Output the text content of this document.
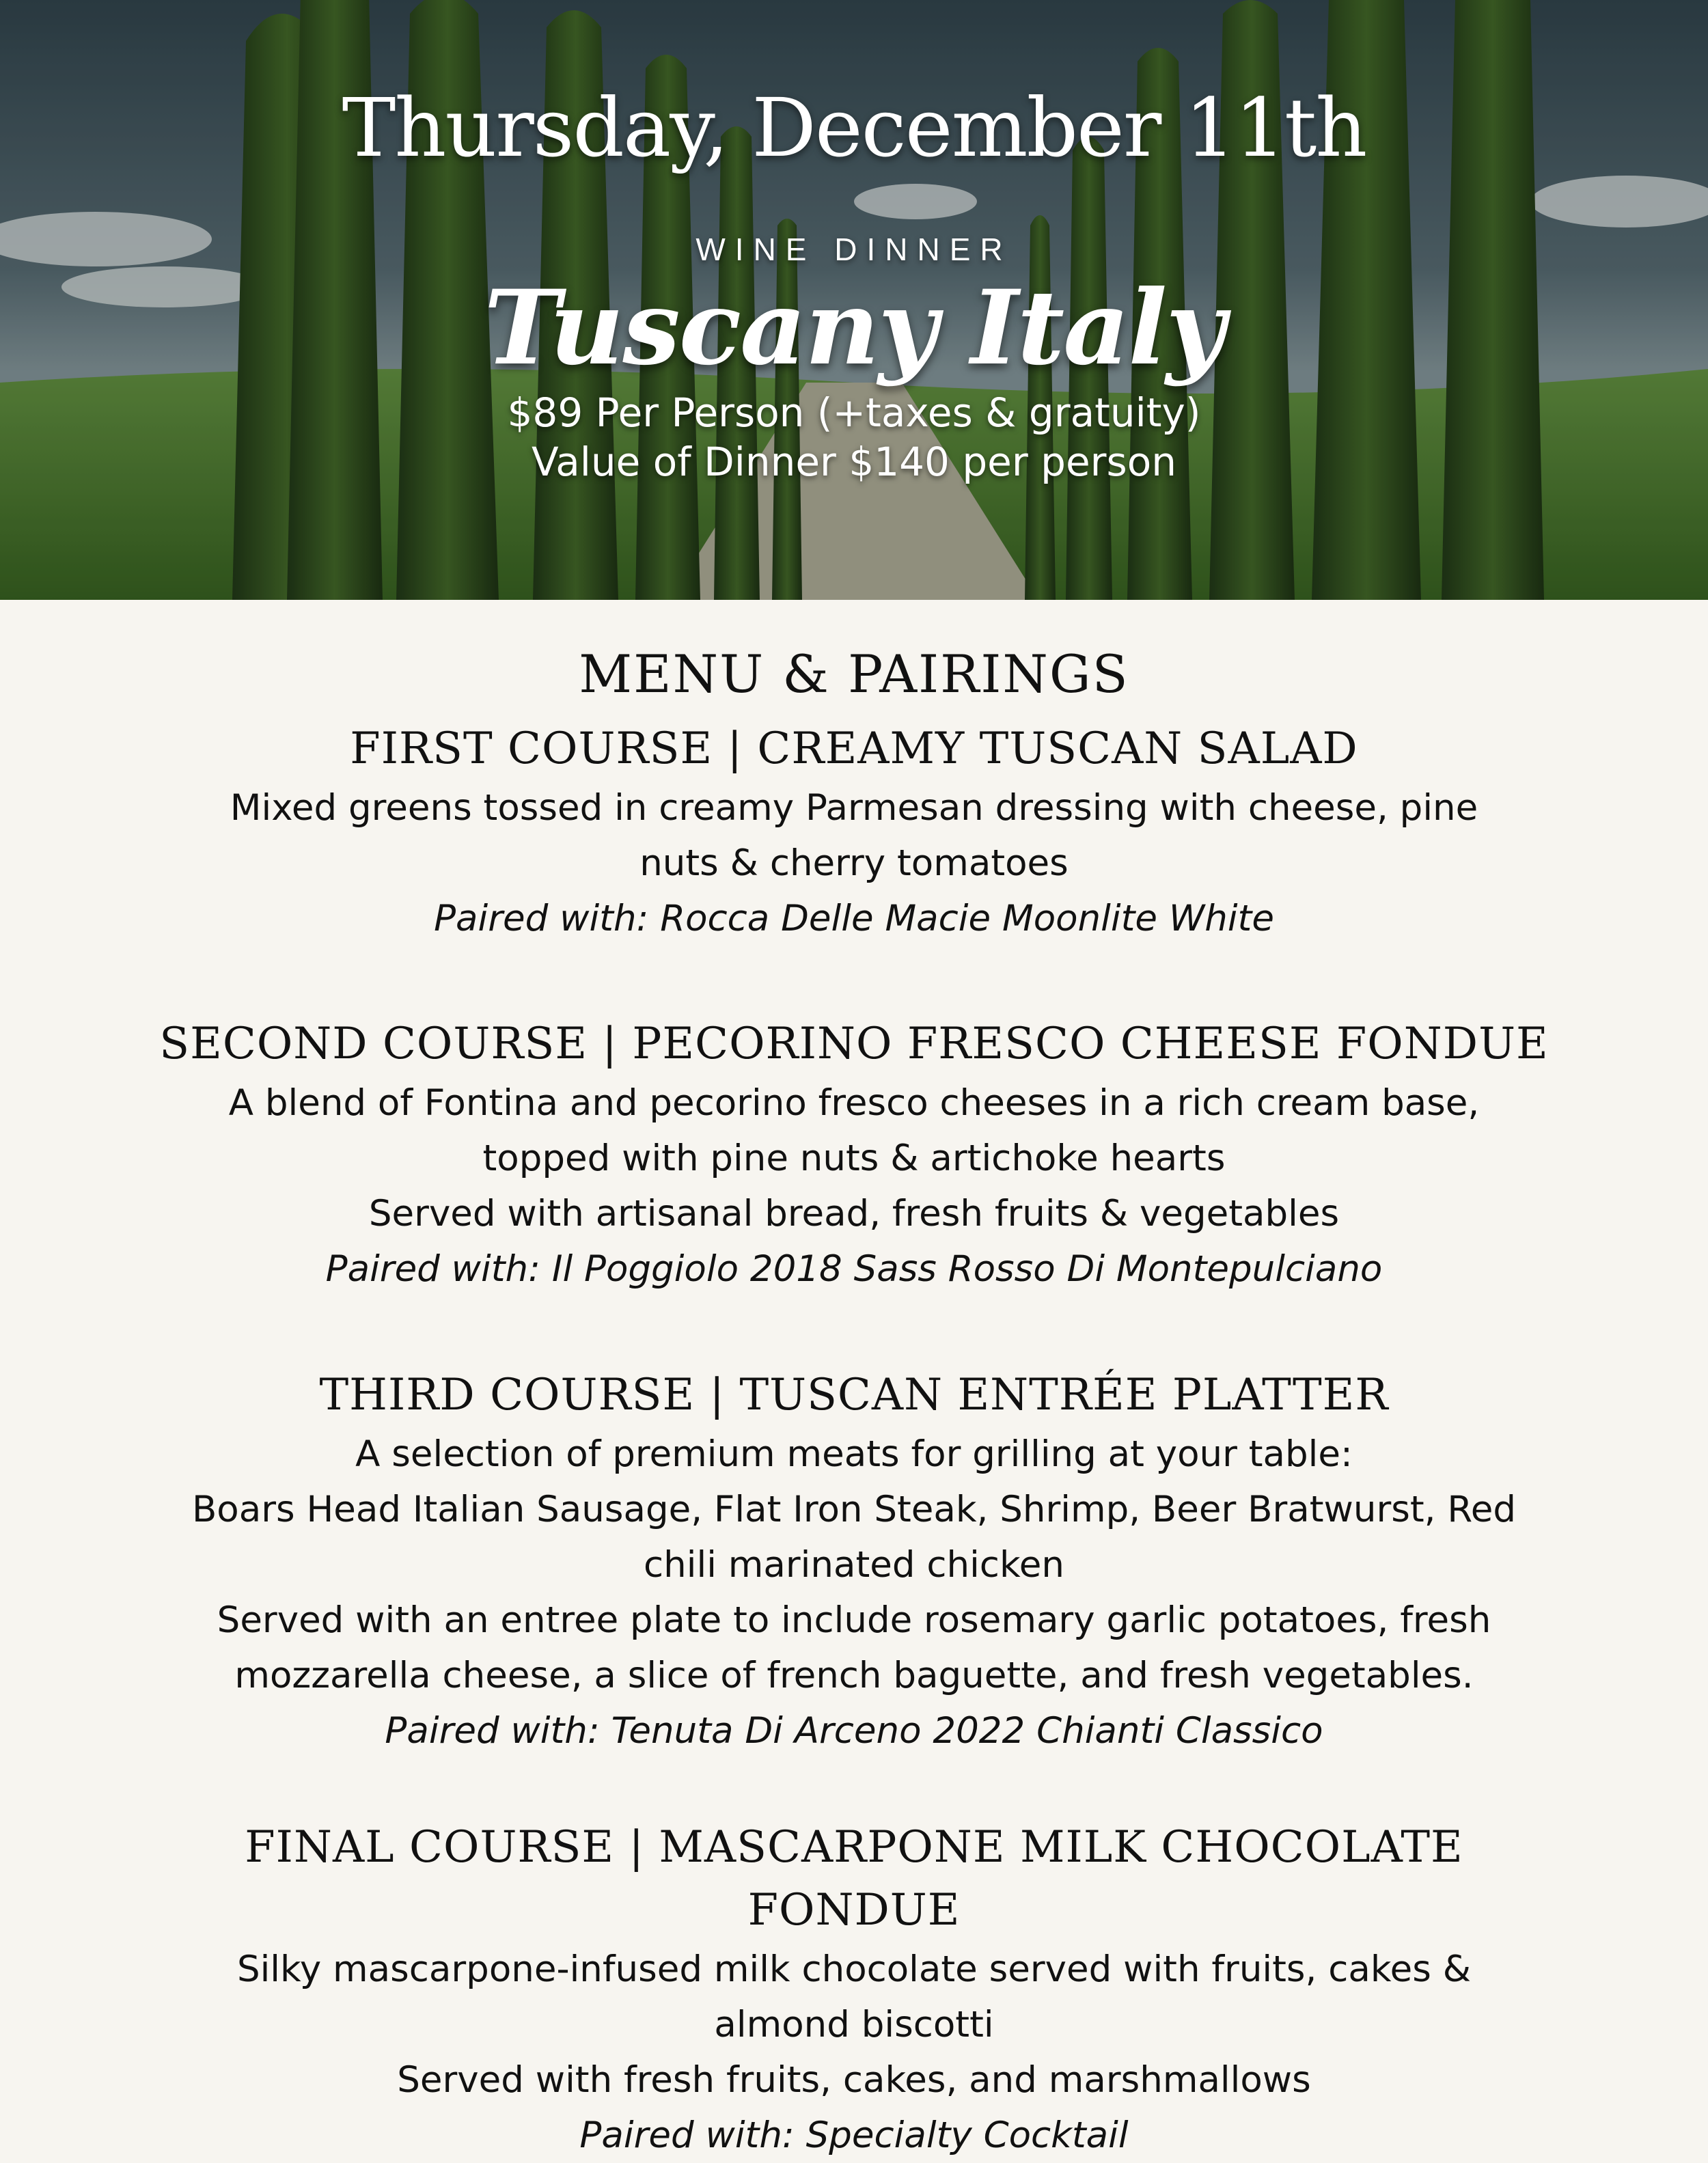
Thursday, December 11th
WINE DINNER
Tuscany Italy
$89 Per Person (+taxes & gratuity)
Value of Dinner $140 per person
MENU & PAIRINGS
FIRST COURSE | CREAMY TUSCAN SALAD

Mixed greens tossed in creamy Parmesan dressing with cheese, pine

nuts & cherry tomatoes

Paired with: Rocca Delle Macie Moonlite White

SECOND COURSE | PECORINO FRESCO CHEESE FONDUE

A blend of Fontina and pecorino fresco cheeses in a rich cream base,

topped with pine nuts & artichoke hearts

Served with artisanal bread, fresh fruits & vegetables

Paired with: Il Poggiolo 2018 Sass Rosso Di Montepulciano

THIRD COURSE | TUSCAN ENTRÉE PLATTER

A selection of premium meats for grilling at your table:

Boars Head Italian Sausage, Flat Iron Steak, Shrimp, Beer Bratwurst, Red

chili marinated chicken

Served with an entree plate to include rosemary garlic potatoes, fresh

mozzarella cheese, a slice of french baguette, and fresh vegetables.

Paired with: Tenuta Di Arceno 2022 Chianti Classico

FINAL COURSE | MASCARPONE MILK CHOCOLATE FONDUE

Silky mascarpone-infused milk chocolate served with fruits, cakes &

almond biscotti

Served with fresh fruits, cakes, and marshmallows

Paired with: Specialty Cocktail
